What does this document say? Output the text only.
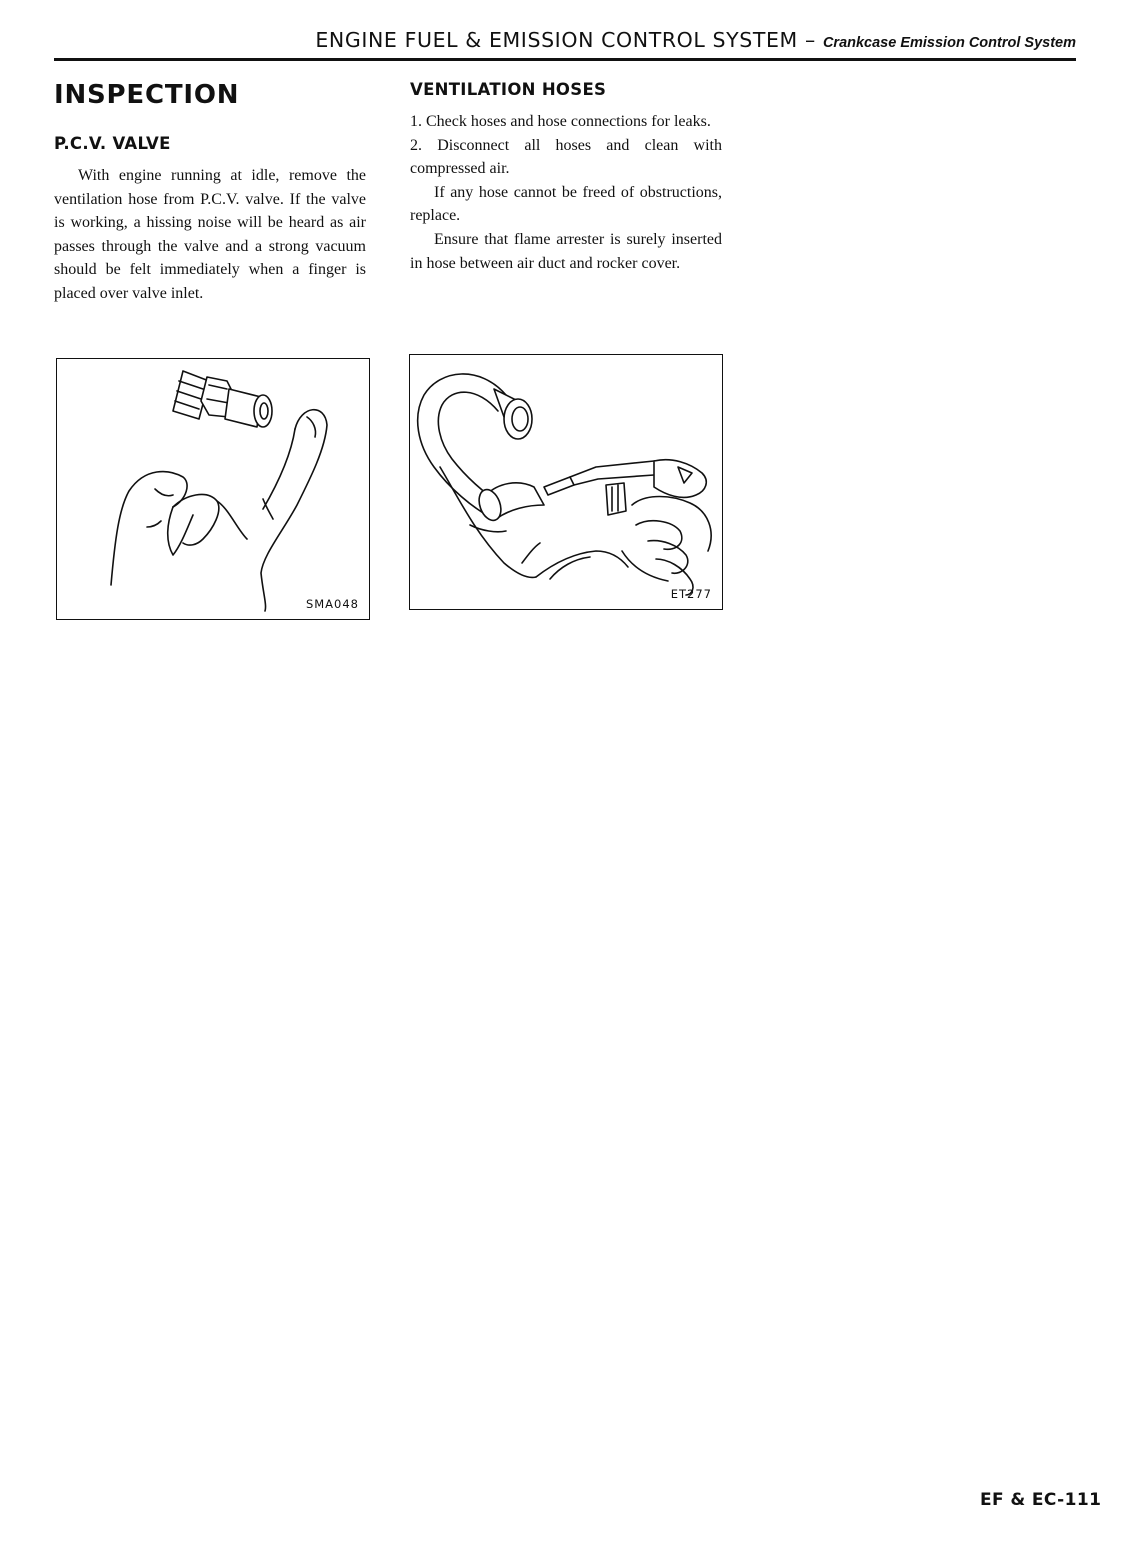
ENGINE FUEL & EMISSION CONTROL SYSTEM – Crankcase Emission Control System
INSPECTION
P.C.V. VALVE

With engine running at idle, remove the ventilation hose from P.C.V. valve. If the valve is working, a hissing noise will be heard as air passes through the valve and a strong vacuum should be felt immediately when a finger is placed over valve inlet.

VENTILATION HOSES

1. Check hoses and hose connections for leaks.

2. Disconnect all hoses and clean with compressed air.

If any hose cannot be freed of obstructions, replace.

Ensure that flame arrester is surely inserted in hose between air duct and rocker cover.

SMA048
ET277
EF & EC-111
